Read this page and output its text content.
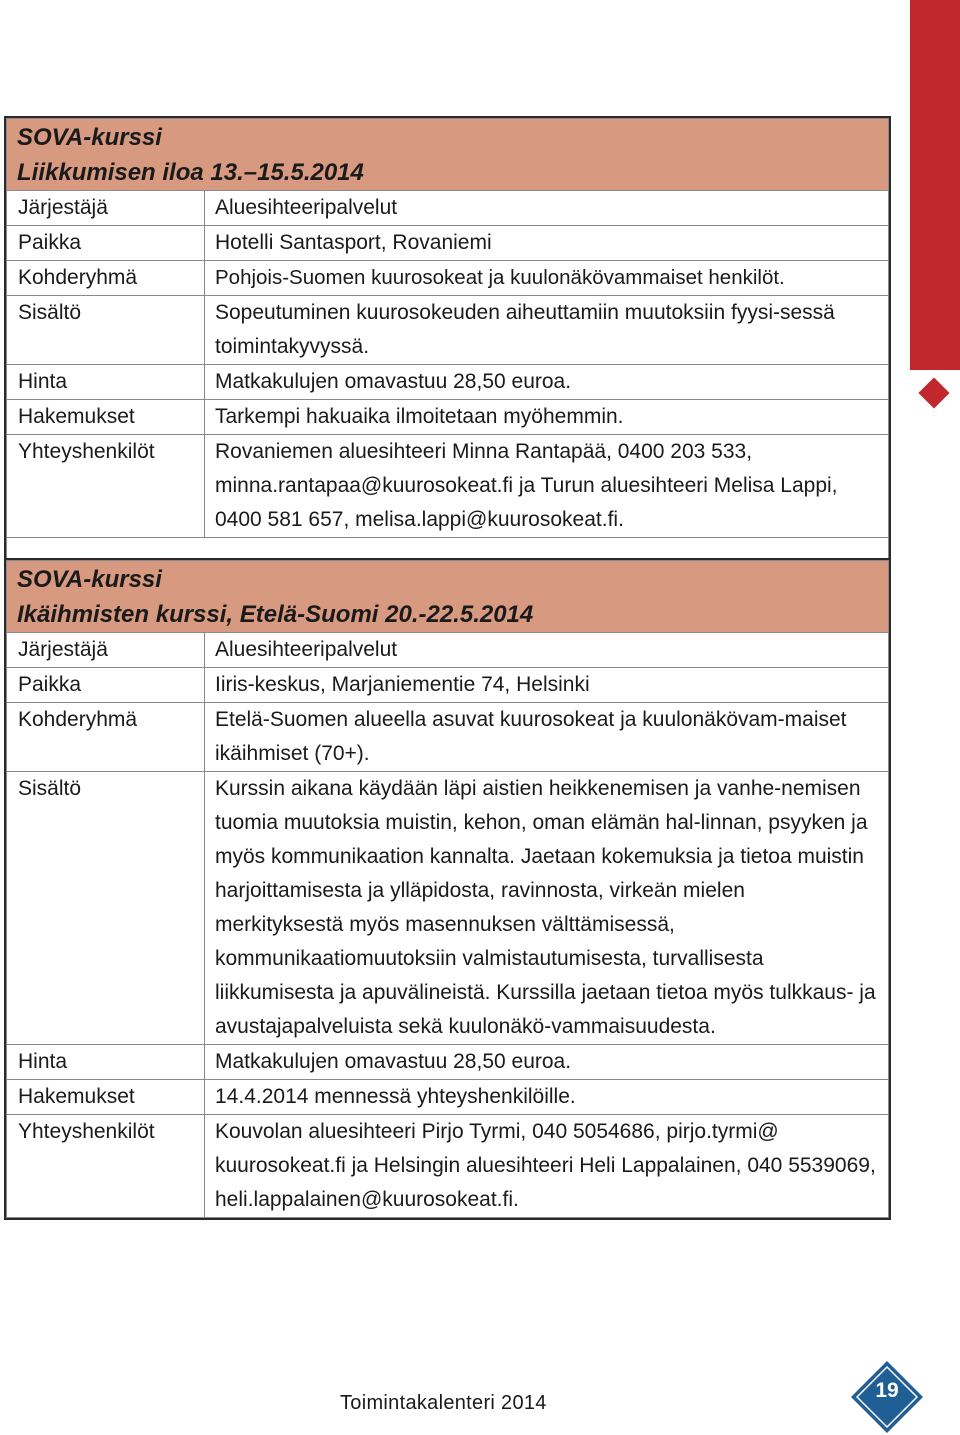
SOVA-kurssi
Liikkumisen iloa 13.–15.5.2014	

Järjestäjä	Aluesihteeripalvelut
Paikka	Hotelli Santasport, Rovaniemi
Kohderyhmä	Pohjois-Suomen kuurosokeat ja kuulonäkövammaiset henkilöt.
Sisältö	Sopeutuminen kuurosokeuden aiheuttamiin muutoksiin fyysi-sessä toimintakyvyssä.
Hinta	Matkakulujen omavastuu 28,50 euroa.
Hakemukset	Tarkempi hakuaika ilmoitetaan myöhemmin.
Yhteyshenkilöt	Rovaniemen aluesihteeri Minna Rantapää, 0400 203 533, minna.rantapaa@kuurosokeat.fi ja Turun aluesihteeri Melisa Lappi, 0400 581 657, melisa.lappi@kuurosokeat.fi.

SOVA-kurssi
Ikäihmisten kurssi, Etelä-Suomi 20.-22.5.2014	

Järjestäjä	Aluesihteeripalvelut
Paikka	Iiris-keskus, Marjaniementie 74, Helsinki
Kohderyhmä	Etelä-Suomen alueella asuvat kuurosokeat ja kuulonäkövam-maiset ikäihmiset (70+).
Sisältö	Kurssin aikana käydään läpi aistien heikkenemisen ja vanhe-nemisen tuomia muutoksia muistin, kehon, oman elämän hal-linnan, psyyken ja myös kommunikaation kannalta. Jaetaan kokemuksia ja tietoa muistin harjoittamisesta ja ylläpidosta, ravinnosta, virkeän mielen merkityksestä myös masennuksen välttämisessä, kommunikaatiomuutoksiin valmistautumisesta, turvallisesta liikkumisesta ja apuvälineistä. Kurssilla jaetaan tietoa myös tulkkaus- ja avustajapalveluista sekä kuulonäkö-vammaisuudesta.
Hinta	Matkakulujen omavastuu 28,50 euroa.
Hakemukset	14.4.2014 mennessä yhteyshenkilöille.
Yhteyshenkilöt	Kouvolan aluesihteeri Pirjo Tyrmi, 040 5054686, pirjo.tyrmi@ kuurosokeat.fi ja Helsingin aluesihteeri Heli Lappalainen, 040 5539069, heli.lappalainen@kuurosokeat.fi.
Toimintakalenteri 2014
19
